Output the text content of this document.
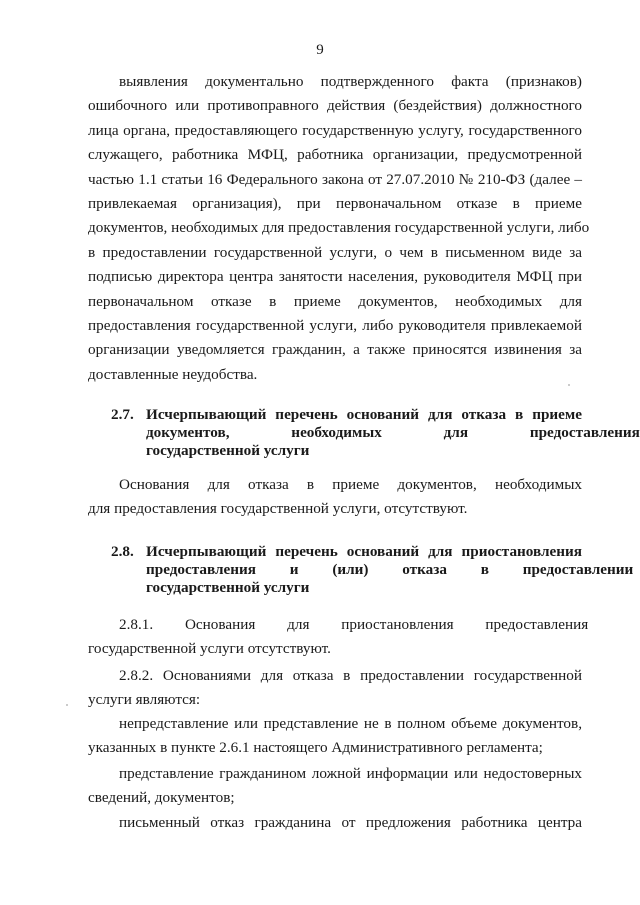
9
выявления документально подтвержденного факта (признаков)
ошибочного или противоправного действия (бездействия) должностного
лица органа, предоставляющего государственную услугу, государственного
служащего, работника МФЦ, работника организации, предусмотренной
частью 1.1 статьи 16 Федерального закона от 27.07.2010 № 210-ФЗ (далее –
привлекаемая организация), при первоначальном отказе в приеме
документов, необходимых для предоставления государственной услуги, либо
в предоставлении государственной услуги, о чем в письменном виде за
подписью директора центра занятости населения, руководителя МФЦ при
первоначальном отказе в приеме документов, необходимых для
предоставления государственной услуги, либо руководителя привлекаемой
организации уведомляется гражданин, а также приносятся извинения за
доставленные неудобства.
2.7. Исчерпывающий перечень оснований для отказа в приеме
документов, необходимых для предоставления
государственной услуги
Основания для отказа в приеме документов, необходимых
для предоставления государственной услуги, отсутствуют.
2.8. Исчерпывающий перечень оснований для приостановления
предоставления и (или) отказа в предоставлении
государственной услуги
2.8.1. Основания для приостановления предоставления
государственной услуги отсутствуют.
2.8.2. Основаниями для отказа в предоставлении государственной
услуги являются:
непредставление или представление не в полном объеме документов,
указанных в пункте 2.6.1 настоящего Административного регламента;
представление гражданином ложной информации или недостоверных
сведений, документов;
письменный отказ гражданина от предложения работника центра
